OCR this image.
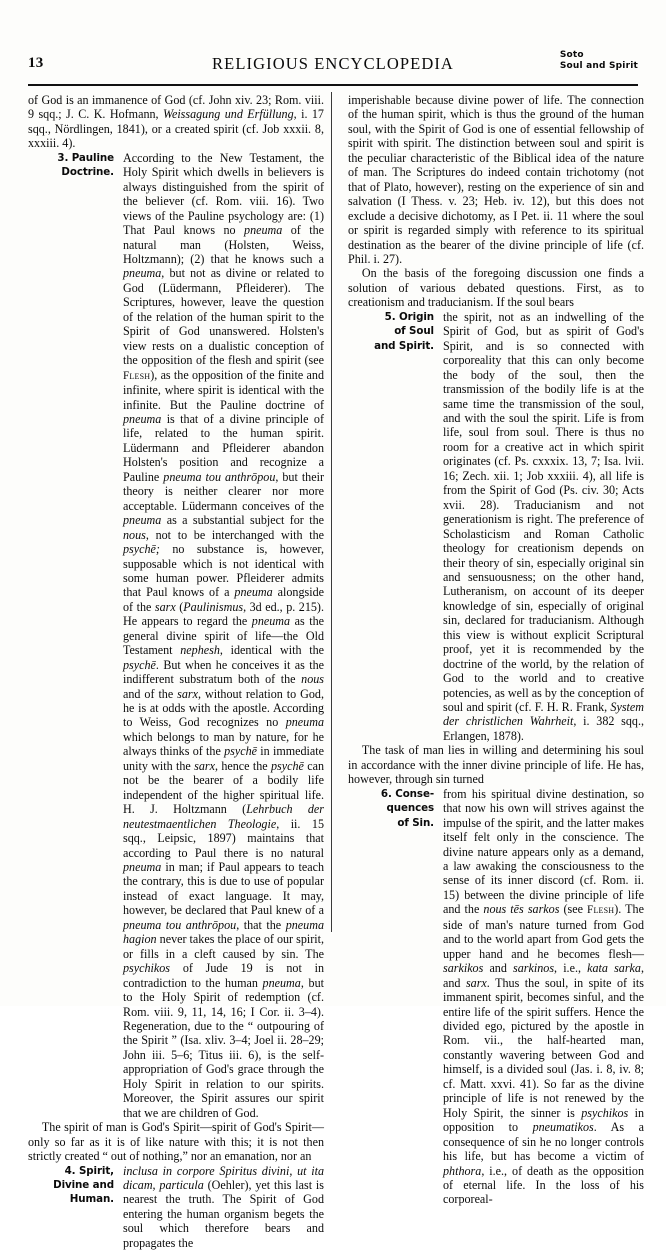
13	RELIGIOUS ENCYCLOPEDIA	Soto
Soul and Spirit

of God is an immanence of God (cf. John xiv. 23; Rom. viii. 9 sqq.; J. C. K. Hofmann, Weissagung und Erfüllung, i. 17 sqq., Nördlingen, 1841), or a created spirit (cf. Job xxxii. 8, xxxiii. 4).

3. Pauline
Doctrine.

According to the New Testament, the Holy Spirit which dwells in believers is always distinguished from the spirit of the believer (cf. Rom. viii. 16). Two views of the Pauline psychology are: (1) That Paul knows no pneuma of the natural man (Holsten, Weiss, Holtzmann); (2) that he knows such a pneuma, but not as divine or related to God (Lüdermann, Pfleiderer). The Scriptures, however, leave the question of the relation of the human spirit to the Spirit of God unanswered. Holsten's view rests on a dualistic conception of the opposition of the flesh and spirit (see Flesh), as the opposition of the finite and infinite, where spirit is identical with the infinite. But the Pauline doctrine of pneuma is that of a divine principle of life, related to the human spirit. Lüdermann and Pfleiderer abandon Holsten's position and recognize a Pauline pneuma tou anthrōpou, but their theory is neither clearer nor more acceptable. Lüdermann conceives of the pneuma as a substantial subject for the nous, not to be interchanged with the psychē; no substance is, however, supposable which is not identical with some human power. Pfleiderer admits that Paul knows of a pneuma alongside of the sarx (Paulinismus, 3d ed., p. 215). He appears to regard the pneuma as the general divine spirit of life—the Old Testament nephesh, identical with the psychē. But when he conceives it as the indifferent substratum both of the nous and of the sarx, without relation to God, he is at odds with the apostle. According to Weiss, God recognizes no pneuma which belongs to man by nature, for he always thinks of the psychē in immediate unity with the sarx, hence the psychē can not be the bearer of a bodily life independent of the higher spiritual life. H. J. Holtzmann (Lehrbuch der neutestmaentlichen Theologie, ii. 15 sqq., Leipsic, 1897) maintains that according to Paul there is no natural pneuma in man; if Paul appears to teach the contrary, this is due to use of popular instead of exact language. It may, however, be declared that Paul knew of a pneuma tou anthrōpou, that the pneuma hagion never takes the place of our spirit, or fills in a cleft caused by sin. The psychikos of Jude 19 is not in contradiction to the human pneuma, but to the Holy Spirit of redemption (cf. Rom. viii. 9, 11, 14, 16; I Cor. ii. 3–4). Regeneration, due to the “ outpouring of the Spirit ” (Isa. xliv. 3–4; Joel ii. 28–29; John iii. 5–6; Titus iii. 6), is the self-appropriation of God's grace through the Holy Spirit in relation to our spirits. Moreover, the Spirit assures our spirit that we are children of God.

The spirit of man is God's Spirit—spirit of God's Spirit—only so far as it is of like nature with this; it is not then strictly created “ out of nothing,” nor an emanation, nor an

4. Spirit,
Divine and
Human.

inclusa in corpore Spiritus divini, ut ita dicam, particula (Oehler), yet this last is nearest the truth. The Spirit of God entering the human organism begets the soul which therefore bears and propagates the

imperishable because divine power of life. The connection of the human spirit, which is thus the ground of the human soul, with the Spirit of God is one of essential fellowship of spirit with spirit. The distinction between soul and spirit is the peculiar characteristic of the Biblical idea of the nature of man. The Scriptures do indeed contain trichotomy (not that of Plato, however), resting on the experience of sin and salvation (I Thess. v. 23; Heb. iv. 12), but this does not exclude a decisive dichotomy, as I Pet. ii. 11 where the soul or spirit is regarded simply with reference to its spiritual destination as the bearer of the divine principle of life (cf. Phil. i. 27).

On the basis of the foregoing discussion one finds a solution of various debated questions. First, as to creationism and traducianism. If the soul bears

5. Origin
of Soul
and Spirit.

the spirit, not as an indwelling of the Spirit of God, but as spirit of God's Spirit, and is so connected with corporeality that this can only become the body of the soul, then the transmission of the bodily life is at the same time the transmission of the soul, and with the soul the spirit. Life is from life, soul from soul. There is thus no room for a creative act in which spirit originates (cf. Ps. cxxxix. 13, 7; Isa. lvii. 16; Zech. xii. 1; Job xxxiii. 4), all life is from the Spirit of God (Ps. civ. 30; Acts xvii. 28). Traducianism and not generationism is right. The preference of Scholasticism and Roman Catholic theology for creationism depends on their theory of sin, especially original sin and sensuousness; on the other hand, Lutheranism, on account of its deeper knowledge of sin, especially of original sin, declared for traducianism. Although this view is without explicit Scriptural proof, yet it is recommended by the doctrine of the world, by the relation of God to the world and to creative potencies, as well as by the conception of soul and spirit (cf. F. H. R. Frank, System der christlichen Wahrheit, i. 382 sqq., Erlangen, 1878).

The task of man lies in willing and determining his soul in accordance with the inner divine principle of life. He has, however, through sin turned

6. Conse-
quences
of Sin.

from his spiritual divine destination, so that now his own will strives against the impulse of the spirit, and the latter makes itself felt only in the conscience. The divine nature appears only as a demand, a law awaking the consciousness to the sense of its inner discord (cf. Rom. ii. 15) between the divine principle of life and the nous tēs sarkos (see Flesh). The side of man's nature turned from God and to the world apart from God gets the upper hand and he becomes flesh—sarkikos and sarkinos, i.e., kata sarka, and sarx. Thus the soul, in spite of its immanent spirit, becomes sinful, and the entire life of the spirit suffers. Hence the divided ego, pictured by the apostle in Rom. vii., the half-hearted man, constantly wavering between God and himself, is a divided soul (Jas. i. 8, iv. 8; cf. Matt. xxvi. 41). So far as the divine principle of life is not renewed by the Holy Spirit, the sinner is psychikos in opposition to pneumatikos. As a consequence of sin he no longer controls his life, but has become a victim of phthora, i.e., of death as the opposition of eternal life. In the loss of his corporeal-
